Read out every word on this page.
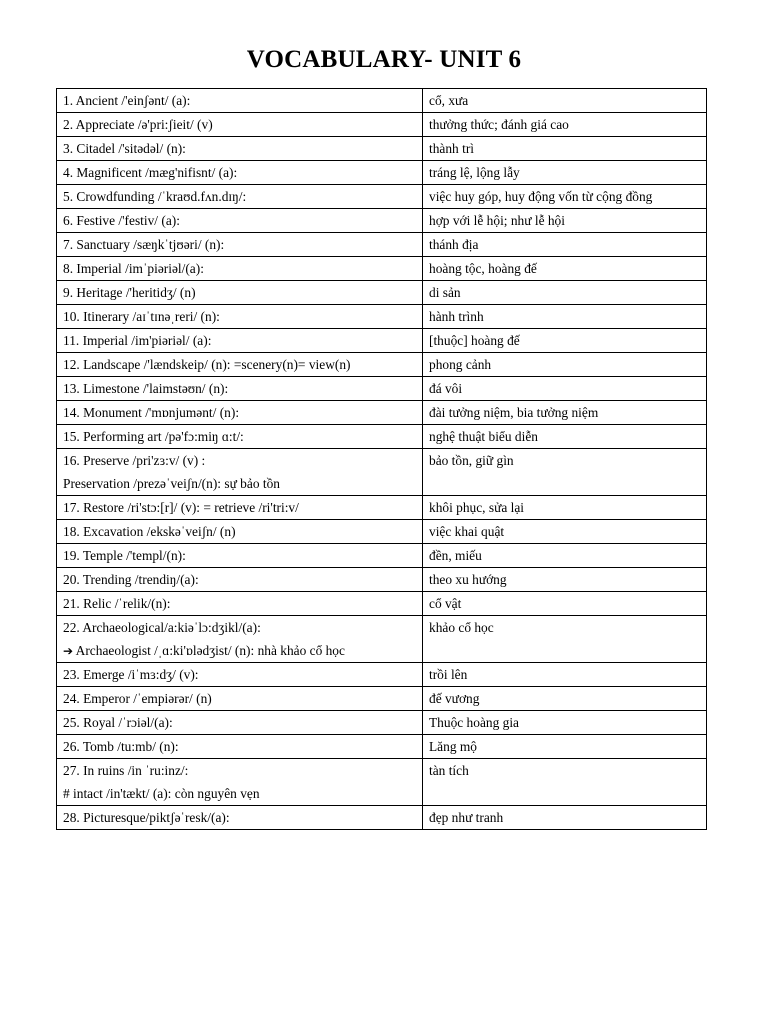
VOCABULARY- UNIT 6
1. Ancient /'einʃənt/ (a):	cổ, xưa
2. Appreciate /ə'pri:ʃieit/ (v)	thưởng thức; đánh giá cao
3. Citadel /'sitədəl/ (n):	thành trì
4. Magnificent /mæg'nifisnt/ (a):	tráng lệ, lộng lẫy
5. Crowdfunding /ˈkraʊd.fʌn.dɪŋ/:	việc huy góp, huy động vốn từ cộng đồng
6. Festive /'festiv/ (a):	hợp với lễ hội; như lễ hội
7. Sanctuary /sæŋkˈtjʊəri/ (n):	thánh địa
8. Imperial /imˈpiəriəl/(a):	hoàng tộc, hoàng đế
9. Heritage /'heritidʒ/ (n)	di sản
10. Itinerary /aɪˈtɪnəˌreri/ (n):	hành trình
11. Imperial /im'piəriəl/ (a):	[thuộc] hoàng đế
12. Landscape /'lændskeip/ (n): =scenery(n)= view(n)	phong cảnh
13. Limestone /'laimstəʊn/ (n):	đá vôi
14. Monument /'mɒnjumənt/ (n):	đài tưởng niệm, bia tưởng niệm
15. Performing art /pə'fɔ:miŋ ɑ:t/:	nghệ thuật biểu diễn
16. Preserve /pri'zɜ:v/ (v) :
Preservation /prezəˈveiʃn/(n): sự bảo tồn	bảo tồn, giữ gìn
17. Restore /ri'stɔ:[r]/ (v): = retrieve /ri'tri:v/	khôi phục, sửa lại
18. Excavation /ekskəˈveiʃn/ (n)	việc khai quật
19. Temple /'templ/(n):	đền, miếu
20. Trending /trendiŋ/(a):	theo xu hướng
21. Relic /ˈrelik/(n):	cổ vật
22. Archaeological/a:kiəˈlɔ:dʒikl/(a):
➔ Archaeologist /ˌɑ:ki'ɒlədʒist/ (n): nhà khảo cổ học	khảo cổ học
23. Emerge /iˈmɜ:dʒ/ (v):	trồi lên
24. Emperor /ˈempiərər/ (n)	đế vương
25. Royal /ˈrɔiəl/(a):	Thuộc hoàng gia
26. Tomb /tu:mb/ (n):	Lăng mộ
27. In ruins /in ˈru:inz/:
# intact /in'tækt/ (a): còn nguyên vẹn	tàn tích
28. Picturesque/piktʃəˈresk/(a):	đẹp như tranh
